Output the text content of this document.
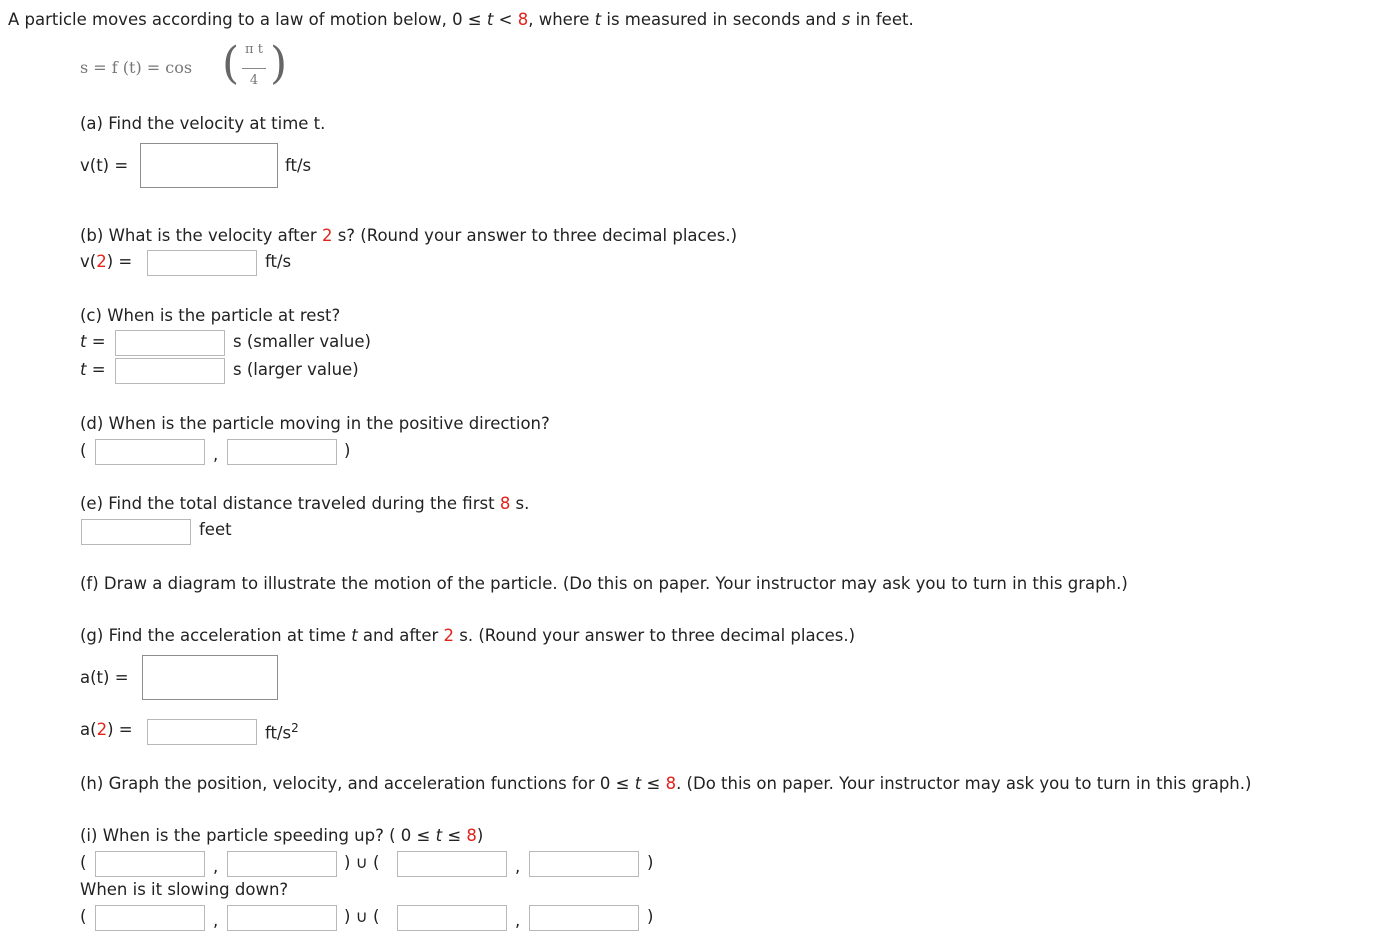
A particle moves according to a law of motion below, 0 ≤ t < 8, where t is measured in seconds and s in feet.
s = f (t) = cos ( π t
4 )
(a) Find the velocity at time t.
v(t) =	ft/s
(b) What is the velocity after 2 s? (Round your answer to three decimal places.)
v(2) =	ft/s
(c) When is the particle at rest?
t =	s (smaller value)
t =	s (larger value)
(d) When is the particle moving in the positive direction?
(	,	)
(e) Find the total distance traveled during the first 8 s.
feet
(f) Draw a diagram to illustrate the motion of the particle. (Do this on paper. Your instructor may ask you to turn in this graph.)
(g) Find the acceleration at time t and after 2 s. (Round your answer to three decimal places.)
a(t) =
a(2) =	$ft/s^2$
(h) Graph the position, velocity, and acceleration functions for 0 ≤ t ≤ 8. (Do this on paper. Your instructor may ask you to turn in this graph.)
(i) When is the particle speeding up? ( 0 ≤ t ≤ 8)
(	,	) ∪ (	,	)
When is it slowing down?
(	,	) ∪ (	,	)
